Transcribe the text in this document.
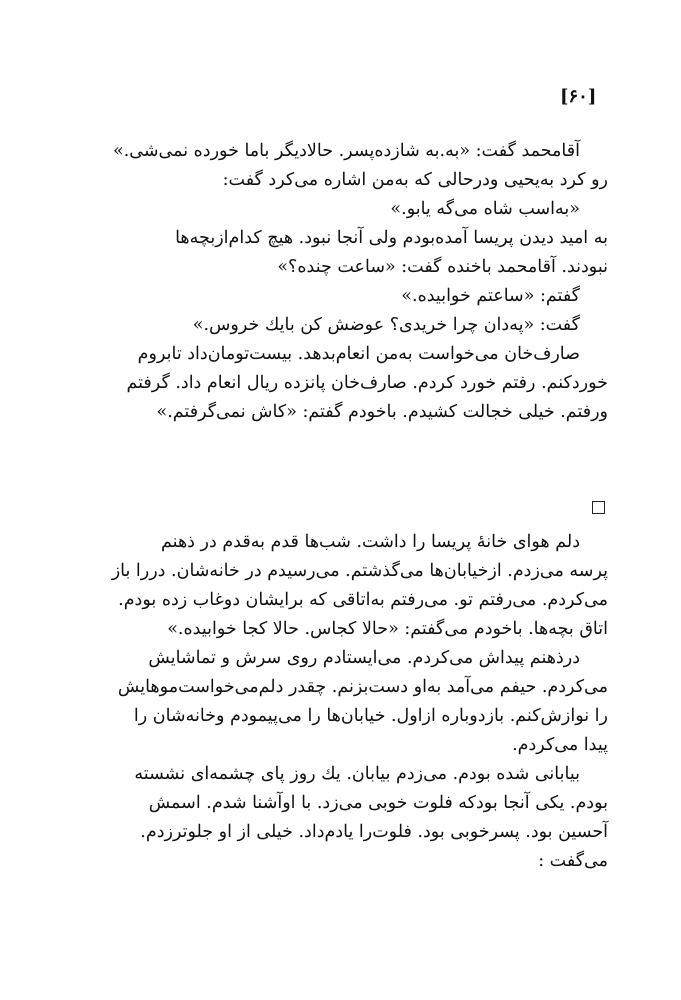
[۶۰]

آقامحمد گفت: «به.به شازده‌پسر. حالادیگر باما خورده نمی‌شی.»

رو کرد به‌یحیی ودرحالی که به‌من اشاره می‌کرد گفت:

«به‌اسب شاه می‌گه یابو.»

به امید دیدن پریسا آمده‌بودم ولی آنجا نبود. هیچ کدام‌ازبچه‌ها

نبودند. آقامحمد باخنده گفت: «ساعت چنده؟»

گفتم: «ساعتم خوابیده.»

گفت: «په‌دان چرا خریدی؟ عوضش کن بایك خروس.»

صارف‌خان می‌خواست به‌من انعام‌بدهد. بیست‌تومان‌داد تابروم

خوردکنم. رفتم خورد کردم. صارف‌خان پانزده ریال انعام داد. گرفتم

ورفتم. خیلی خجالت کشیدم. باخودم گفتم: «کاش نمی‌گرفتم.»

دلم هوای خانهٔ پریسا را داشت. شب‌ها قدم به‌قدم در ذهنم

پرسه می‌زدم. ازخیابان‌ها می‌گذشتم. می‌رسیدم در خانه‌شان. دررا باز

می‌کردم. می‌رفتم تو. می‌رفتم به‌اتاقی که برایشان دوغاب زده بودم.

اتاق بچه‌ها. باخودم می‌گفتم: «حالا کجاس. حالا کجا خوابیده.»

درذهنم پیداش می‌کردم. می‌ایستادم روی سرش و تماشایش

می‌کردم. حیفم می‌آمد به‌او دست‌بزنم. چقدر دلم‌می‌خواست‌موهایش

را نوازش‌کنم. بازدوباره ازاول. خیابان‌ها را می‌پیمودم وخانه‌شان را

پیدا می‌کردم.

بیابانی شده بودم. می‌زدم بیابان. یك روز پای چشمه‌ای نشسته

بودم. یکی آنجا بودکه فلوت خوبی می‌زد. با اوآشنا شدم. اسمش

آحسین بود. پسرخوبی بود. فلوت‌را یادم‌داد. خیلی از او جلوترزدم.

می‌گفت :
